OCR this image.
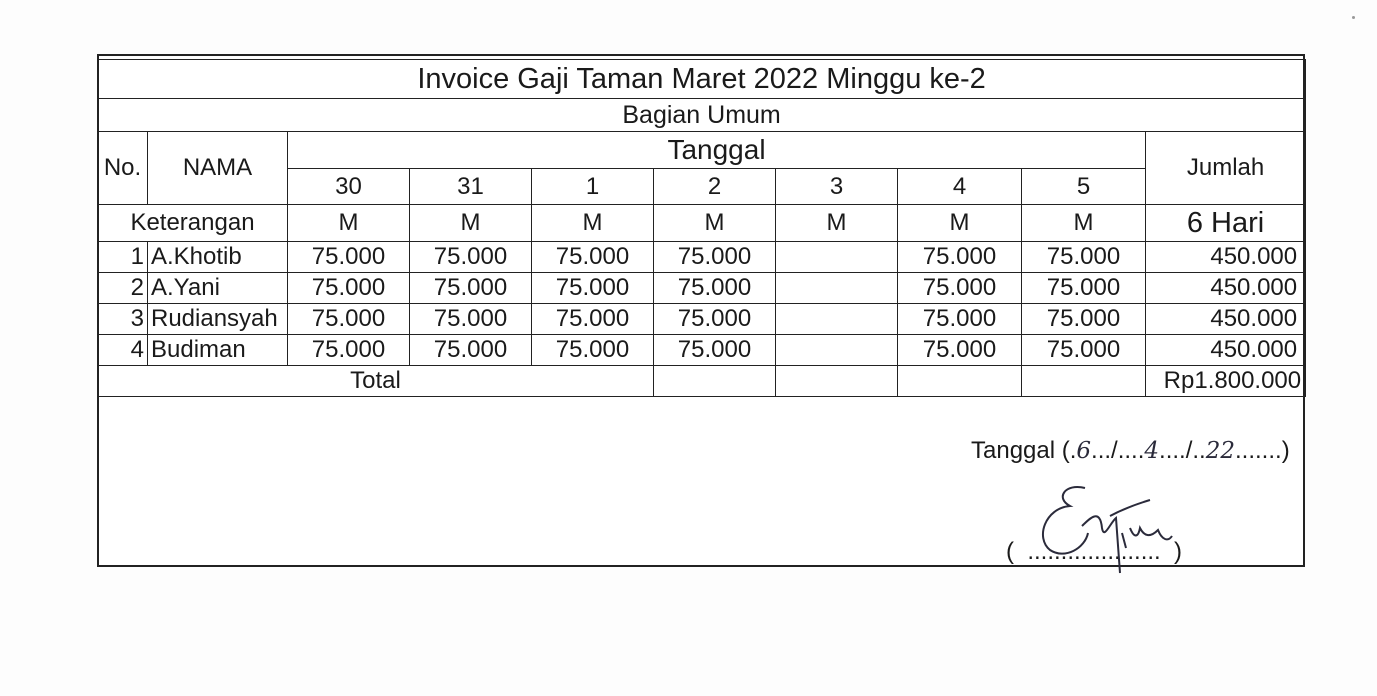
Invoice Gaji Taman Maret 2022 Minggu ke-2									
Bagian Umum									
No.	NAMA	Tanggal							Jumlah
		30	31	1	2	3	4	5	
Keterangan		M	M	M	M	M	M	M	6 Hari
1	A.Khotib	75.000	75.000	75.000	75.000		75.000	75.000	450.000
2	A.Yani	75.000	75.000	75.000	75.000		75.000	75.000	450.000
3	Rudiansyah	75.000	75.000	75.000	75.000		75.000	75.000	450.000
4	Budiman	75.000	75.000	75.000	75.000		75.000	75.000	450.000
Total									Rp1.800.000
Tanggal (.6.../....4..../..22.......)
(  ....................  )
